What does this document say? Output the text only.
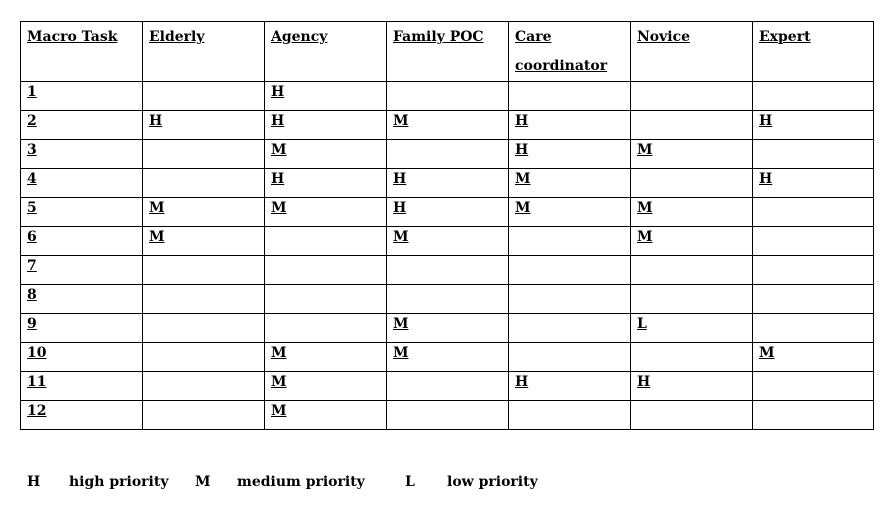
Macro Task	Elderly	Agency	Family POC	Care coordinator	Novice	Expert
1		H				
2	H	H	M	H		H
3		M		H	M	
4		H	H	M		H
5	M	M	H	M	M	
6	M		M		M	
7						
8						
9			M		L	
10		M	M			M
11		M		H	H	
12		M				
H high priority M medium priority	L low priority
